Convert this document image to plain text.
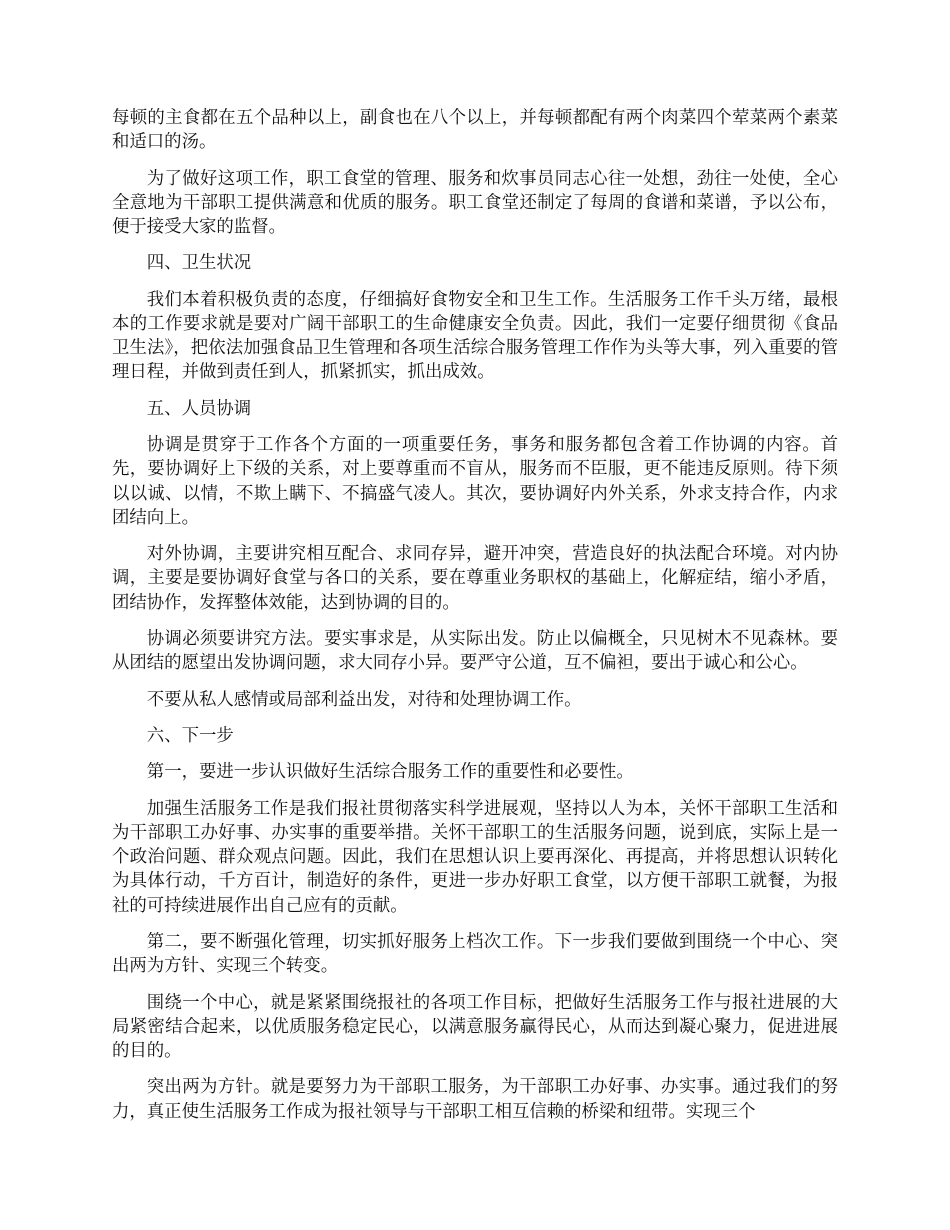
每顿的主食都在五个品种以上，副食也在八个以上，并每顿都配有两个肉菜四个荤菜两个素菜和适口的汤。

为了做好这项工作，职工食堂的管理、服务和炊事员同志心往一处想，劲往一处使，全心全意地为干部职工提供满意和优质的服务。职工食堂还制定了每周的食谱和菜谱，予以公布，便于接受大家的监督。

四、卫生状况

我们本着积极负责的态度，仔细搞好食物安全和卫生工作。生活服务工作千头万绪，最根本的工作要求就是要对广阔干部职工的生命健康安全负责。因此，我们一定要仔细贯彻《食品卫生法》，把依法加强食品卫生管理和各项生活综合服务管理工作作为头等大事，列入重要的管理日程，并做到责任到人，抓紧抓实，抓出成效。

五、人员协调

协调是贯穿于工作各个方面的一项重要任务，事务和服务都包含着工作协调的内容。首先，要协调好上下级的关系，对上要尊重而不盲从，服务而不臣服，更不能违反原则。待下须以以诚、以情，不欺上瞒下、不搞盛气凌人。其次，要协调好内外关系，外求支持合作，内求团结向上。

对外协调，主要讲究相互配合、求同存异，避开冲突，营造良好的执法配合环境。对内协调，主要是要协调好食堂与各口的关系，要在尊重业务职权的基础上，化解症结，缩小矛盾，团结协作，发挥整体效能，达到协调的目的。

协调必须要讲究方法。要实事求是，从实际出发。防止以偏概全，只见树木不见森林。要从团结的愿望出发协调问题，求大同存小异。要严守公道，互不偏袒，要出于诚心和公心。

不要从私人感情或局部利益出发，对待和处理协调工作。

六、下一步

第一，要进一步认识做好生活综合服务工作的重要性和必要性。

加强生活服务工作是我们报社贯彻落实科学进展观，坚持以人为本，关怀干部职工生活和为干部职工办好事、办实事的重要举措。关怀干部职工的生活服务问题，说到底，实际上是一个政治问题、群众观点问题。因此，我们在思想认识上要再深化、再提高，并将思想认识转化为具体行动，千方百计，制造好的条件，更进一步办好职工食堂，以方便干部职工就餐，为报社的可持续进展作出自己应有的贡献。

第二，要不断强化管理，切实抓好服务上档次工作。下一步我们要做到围绕一个中心、突出两为方针、实现三个转变。

围绕一个中心，就是紧紧围绕报社的各项工作目标，把做好生活服务工作与报社进展的大局紧密结合起来，以优质服务稳定民心，以满意服务赢得民心，从而达到凝心聚力，促进进展的目的。

突出两为方针。就是要努力为干部职工服务，为干部职工办好事、办实事。通过我们的努力，真正使生活服务工作成为报社领导与干部职工相互信赖的桥梁和纽带。实现三个
